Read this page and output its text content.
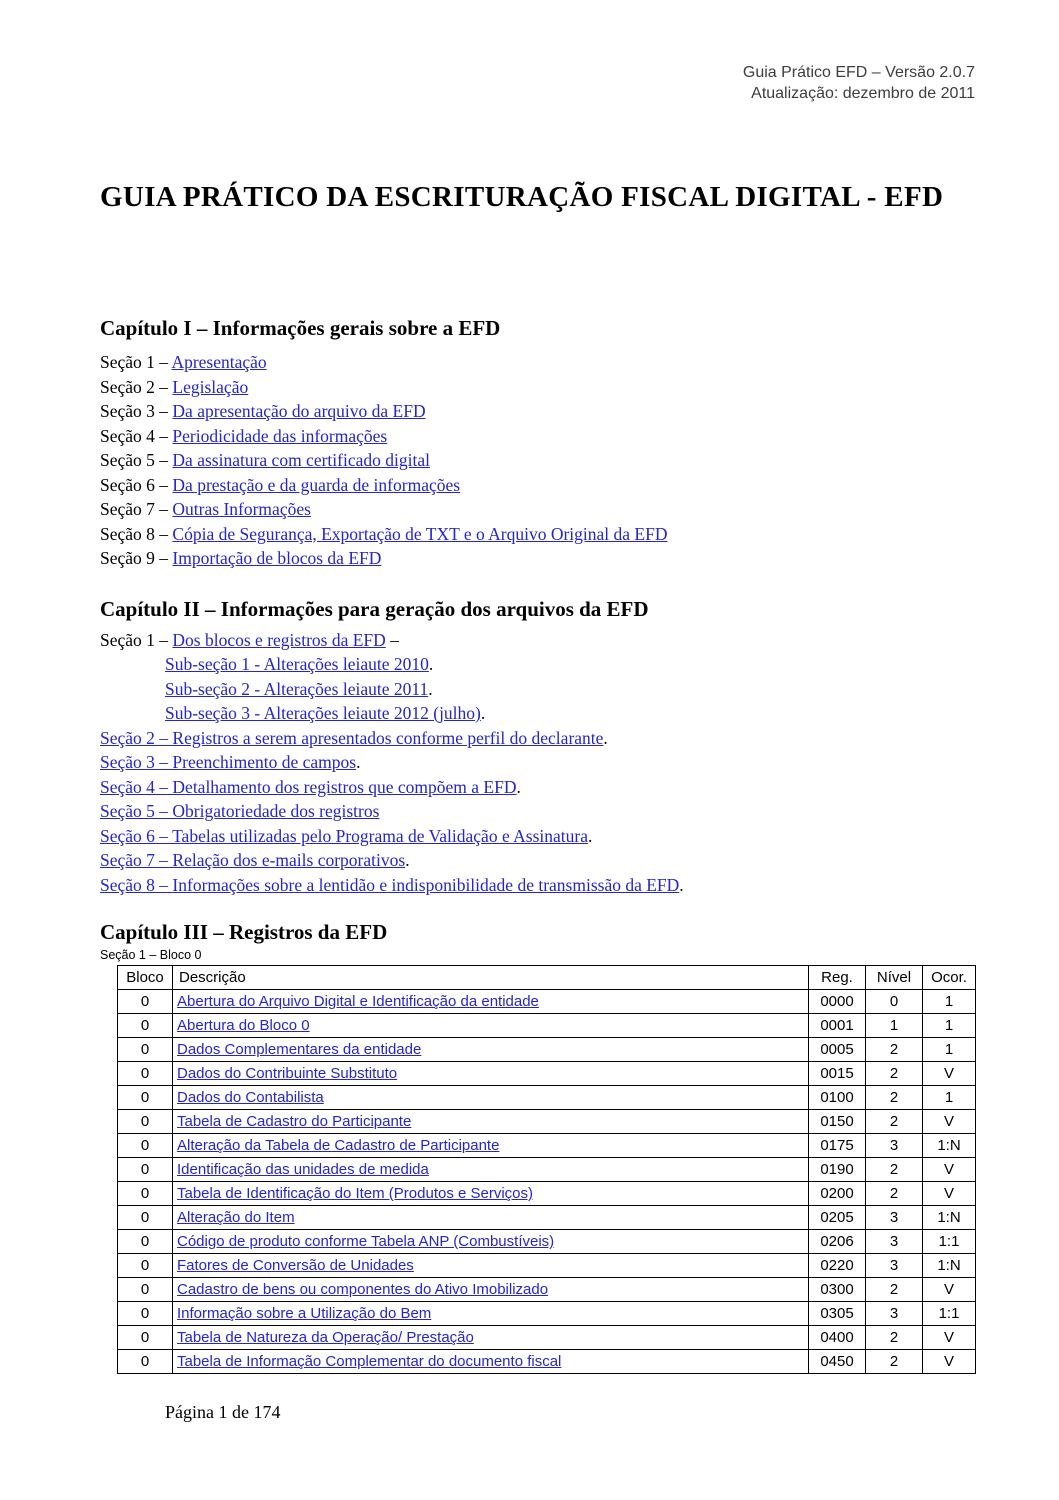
Guia Prático EFD – Versão 2.0.7
Atualização: dezembro de 2011
GUIA PRÁTICO DA ESCRITURAÇÃO FISCAL DIGITAL - EFD
Capítulo I – Informações gerais sobre a EFD
Seção 1 – Apresentação
Seção 2 – Legislação
Seção 3 – Da apresentação do arquivo da EFD
Seção 4 – Periodicidade das informações
Seção 5 – Da assinatura com certificado digital
Seção 6 – Da prestação e da guarda de informações
Seção 7 – Outras Informações
Seção 8 – Cópia de Segurança, Exportação de TXT e o Arquivo Original da EFD
Seção 9 – Importação de blocos da EFD
Capítulo II – Informações para geração dos arquivos da EFD
Seção 1 – Dos blocos e registros da EFD –
Sub-seção 1 - Alterações leiaute 2010.
Sub-seção 2 - Alterações leiaute 2011.
Sub-seção 3 - Alterações leiaute 2012 (julho).
Seção 2 – Registros a serem apresentados conforme perfil do declarante.
Seção 3 – Preenchimento de campos.
Seção 4 – Detalhamento dos registros que compõem a EFD.
Seção 5 – Obrigatoriedade dos registros
Seção 6 – Tabelas utilizadas pelo Programa de Validação e Assinatura.
Seção 7 – Relação dos e-mails corporativos.
Seção 8 – Informações sobre a lentidão e indisponibilidade de transmissão da EFD.
Capítulo III – Registros da EFD
Seção 1 – Bloco 0
Bloco	Descrição	Reg.	Nível	Ocor.
0	Abertura do Arquivo Digital e Identificação da entidade	0000	0	1
0	Abertura do Bloco 0	0001	1	1
0	Dados Complementares da entidade	0005	2	1
0	Dados do Contribuinte Substituto	0015	2	V
0	Dados do Contabilista	0100	2	1
0	Tabela de Cadastro do Participante	0150	2	V
0	Alteração da Tabela de Cadastro de Participante	0175	3	1:N
0	Identificação das unidades de medida	0190	2	V
0	Tabela de Identificação do Item (Produtos e Serviços)	0200	2	V
0	Alteração do Item	0205	3	1:N
0	Código de produto conforme Tabela ANP (Combustíveis)	0206	3	1:1
0	Fatores de Conversão de Unidades	0220	3	1:N
0	Cadastro de bens ou componentes do Ativo Imobilizado	0300	2	V
0	Informação sobre a Utilização do Bem	0305	3	1:1
0	Tabela de Natureza da Operação/ Prestação	0400	2	V
0	Tabela de Informação Complementar do documento fiscal	0450	2	V
Página 1 de 174
